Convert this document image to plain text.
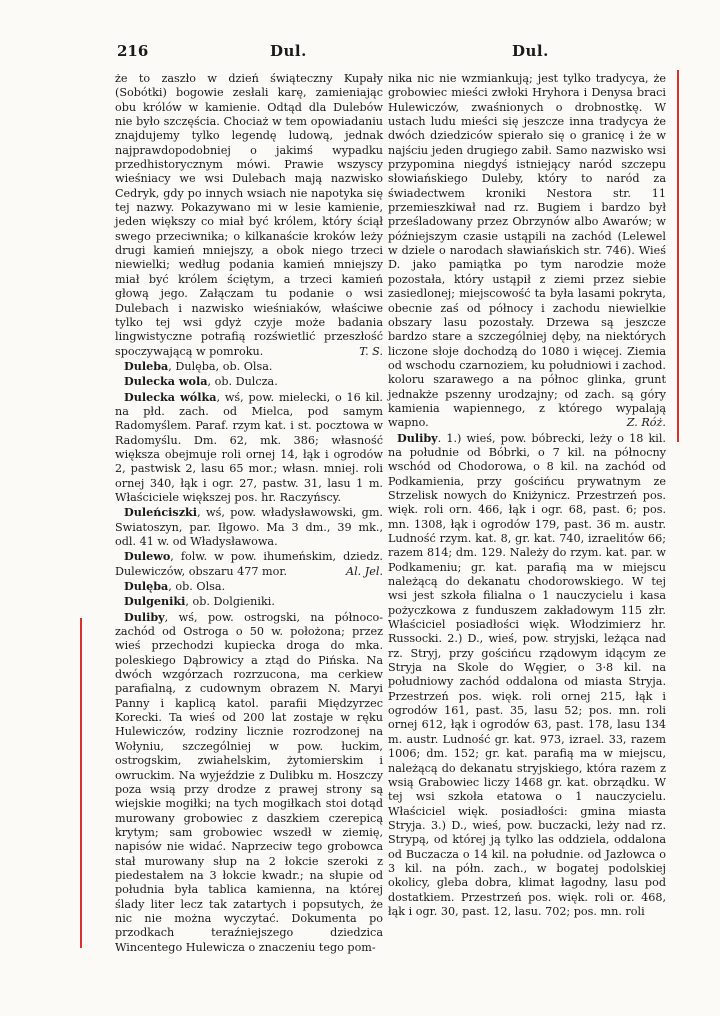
216	Dul.	Dul.

że to zaszło w dzień świąteczny Kupały (Sobótki) bogowie zesłali karę, zamieniając obu królów w kamienie. Odtąd dla Dulebów nie było szczęścia. Chociaż w tem opowiadaniu znajdujemy tylko legendę ludową, jednak najprawdopodobniej o jakimś wypadku przedhistorycznym mówi. Prawie wszyscy wieśniacy we wsi Dulebach mają nazwisko Cedryk, gdy po innych wsiach nie napotyka się tej nazwy. Pokazywano mi w lesie kamienie, jeden większy co miał być królem, który ściął swego przeciwnika; o kilkanaście kroków leży drugi kamień mniejszy, a obok niego trzeci niewielki; według podania kamień mniejszy miał być królem ściętym, a trzeci kamień głową jego. Załączam tu podanie o wsi Dulebach i nazwisko wieśniaków, właściwe tylko tej wsi gdyż czyje może badania lingwistyczne potrafią rozświetlić przeszłość spoczywającą w pomroku.	T. S.

Duleba, Dulęba, ob. Olsa.

Dulecka wola, ob. Dulcza.

Dulecka wólka, wś, pow. mielecki, o 16 kil. na płd. zach. od Mielca, pod samym Radomyślem. Paraf. rzym kat. i st. pocztowa w Radomyślu. Dm. 62, mk. 386; własność większa obejmuje roli ornej 14, łąk i ogrodów 2, pastwisk 2, lasu 65 mor.; własn. mniej. roli ornej 340, łąk i ogr. 27, pastw. 31, lasu 1 m. Właściciele większej pos. hr. Raczyńscy.

Duleńciszki, wś, pow. władysławowski, gm. Swiatoszyn, par. Iłgowo. Ma 3 dm., 39 mk., odl. 41 w. od Władysławowa.

Dulewo, folw. w pow. ihumeńskim, dziedz. Dulewiczów, obszaru 477 mor.	Al. Jel.

Dulęba, ob. Olsa.

Dulgeniki, ob. Dolgieniki.

Duliby, wś, pow. ostrogski, na północo-zachód od Ostroga o 50 w. położona; przez wieś przechodzi kupiecka droga do mka. poleskiego Dąbrowicy a ztąd do Pińska. Na dwóch wzgórzach rozrzucona, ma cerkiew parafialną, z cudownym obrazem N. Maryi Panny i kaplicą katol. parafii Międzyrzec Korecki. Ta wieś od 200 lat zostaje w ręku Hulewiczów, rodziny licznie rozrodzonej na Wołyniu, szczególniej w pow. łuckim, ostrogskim, zwiahelskim, żytomierskim i owruckim. Na wyjeździe z Dulibku m. Hoszczy poza wsią przy drodze z prawej strony są wiejskie mogiłki; na tych mogiłkach stoi dotąd murowany grobowiec z daszkiem czerepicą krytym; sam grobowiec wszedł w ziemię, napisów nie widać. Naprzeciw tego grobowca stał murowany słup na 2 łokcie szeroki z piedestałem na 3 łokcie kwadr.; na słupie od południa była tablica kamienna, na której ślady liter lecz tak zatartych i popsutych, że nic nie można wyczytać. Dokumenta po przodkach teraźniejszego dziedzica Wincentego Hulewicza o znaczeniu tego pom-

nika nic nie wzmiankują; jest tylko tradycya, że grobowiec mieści zwłoki Hryhora i Denysa braci Hulewiczów, zwaśnionych o drobnostkę. W ustach ludu mieści się jeszcze inna tradycya że dwóch dziedziców spierało się o granicę i że w najściu jeden drugiego zabił. Samo nazwisko wsi przypomina niegdyś istniejący naród szczepu słowiańskiego Duleby, który to naród za świadectwem kroniki Nestora str. 11 przemieszkiwał nad rz. Bugiem i bardzo był prześladowany przez Obrzynów albo Awarów; w późniejszym czasie ustąpili na zachód (Lelewel w dziele o narodach sławiańskich str. 746). Wieś D. jako pamiątka po tym narodzie może pozostała, który ustąpił z ziemi przez siebie zasiedlonej; miejscowość ta była lasami pokryta, obecnie zaś od północy i zachodu niewielkie obszary lasu pozostały. Drzewa są jeszcze bardzo stare a szczególniej dęby, na niektórych liczone słoje dochodzą do 1080 i więcej. Ziemia od wschodu czarnoziem, ku południowi i zachod. koloru szarawego a na północ glinka, grunt jednakże pszenny urodzajny; od zach. są góry kamienia wapiennego, z którego wypalają wapno.	Z. Róż.

Duliby. 1.) wieś, pow. bóbrecki, leży o 18 kil. na południe od Bóbrki, o 7 kil. na północny wschód od Chodorowa, o 8 kil. na zachód od Podkamienia, przy gościńcu prywatnym ze Strzelisk nowych do Kniżynicz. Przestrzeń pos. więk. roli orn. 466, łąk i ogr. 68, past. 6; pos. mn. 1308, łąk i ogrodów 179, past. 36 m. austr. Ludność rzym. kat. 8, gr. kat. 740, izraelitów 66; razem 814; dm. 129. Należy do rzym. kat. par. w Podkameniu; gr. kat. parafią ma w miejscu należącą do dekanatu chodorowskiego. W tej wsi jest szkoła filialna o 1 nauczycielu i kasa pożyczkowa z funduszem zakładowym 115 złr. Właściciel posiadłości więk. Włodzimierz hr. Russocki. 2.) D., wieś, pow. stryjski, leżąca nad rz. Stryj, przy gościńcu rządowym idącym ze Stryja na Skole do Węgier, o 3·8 kil. na południowy zachód oddalona od miasta Stryja. Przestrzeń pos. więk. roli ornej 215, łąk i ogrodów 161, past. 35, lasu 52; pos. mn. roli ornej 612, łąk i ogrodów 63, past. 178, lasu 134 m. austr. Ludność gr. kat. 973, izrael. 33, razem 1006; dm. 152; gr. kat. parafią ma w miejscu, należącą do dekanatu stryjskiego, która razem z wsią Grabowiec liczy 1468 gr. kat. obrządku. W tej wsi szkoła etatowa o 1 nauczycielu. Właściciel więk. posiadłości: gmina miasta Stryja. 3.) D., wieś, pow. buczacki, leży nad rz. Strypą, od której ją tylko las oddziela, oddalona od Buczacza o 14 kil. na południe. od Jazłowca o 3 kil. na półn. zach., w bogatej podolskiej okolicy, gleba dobra, klimat łagodny, lasu pod dostatkiem. Przestrzeń pos. więk. roli or. 468, łąk i ogr. 30, past. 12, lasu. 702; pos. mn. roli
